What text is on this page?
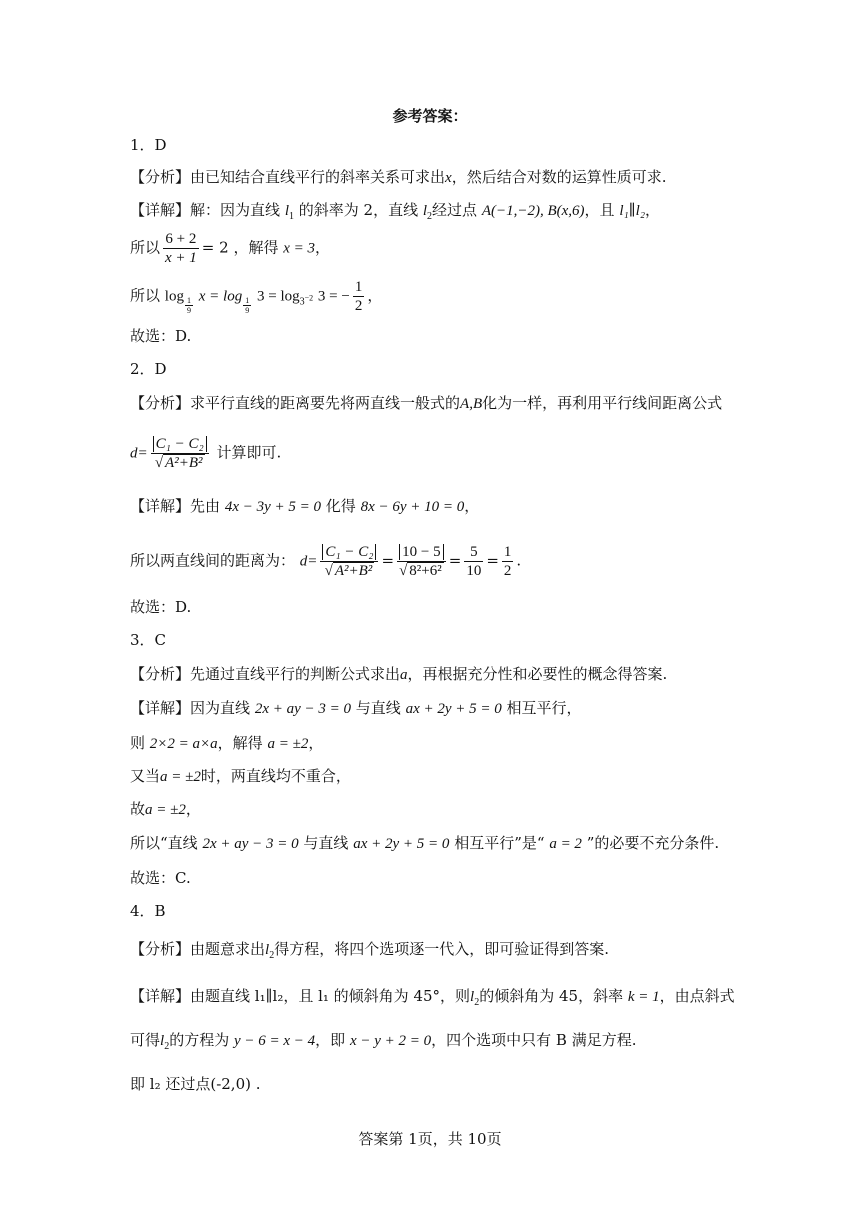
参考答案：
1．D
【分析】由已知结合直线平行的斜率关系可求出x，然后结合对数的运算性质可求.
【详解】解：因为直线 $l_1$ 的斜率为 2，直线 $l_2$经过点 A(−1,−2), B(x,6)，且 l₁∥l₂，
所以 $\frac{6 + 2}{x + 1} = 2$ ，解得 x = 3，
所以 $\log \frac{1}{9}$ $x = \log \frac{1}{9} 3 = \log_3-2$ 3 = − $\frac{1}{2}$ ，
故选：D.
2．D
【分析】求平行直线的距离要先将两直线一般式的A,B化为一样，再利用平行线间距离公式
$d= \frac{\text{C₁ − C₂}}{\text{√ A²+B²}}$ 计算即可.
【详解】先由 4x − 3y + 5 = 0 化得 8x − 6y + 10 = 0，
所以两直线间的距离为： $d= \frac{\text{C₁ − C₂}}{\text{√ A²+B²}} = \frac{10 - 5}{\text{√ 8²+6²}} = \frac{5}{10} = \frac{1}{2}$ .
故选：D.
3．C
【分析】先通过直线平行的判断公式求出a，再根据充分性和必要性的概念得答案.
【详解】因为直线 2x + ay − 3 = 0 与直线 ax + 2y + 5 = 0 相互平行，
则 2×2 = a×a，解得 a = ±2，
又当a = ±2时，两直线均不重合，
故a = ±2，
所以“直线 2x + ay − 3 = 0 与直线 ax + 2y + 5 = 0 相互平行”是“ a = 2 ”的必要不充分条件.
故选：C.
4．B
【分析】由题意求出$l_2$得方程，将四个选项逐一代入，即可验证得到答案.
【详解】由题直线 l₁∥l₂，且 l₁ 的倾斜角为 45°，则$l_2$的倾斜角为 45，斜率 k = 1，由点斜式
可得$l_2$的方程为 y − 6 = x − 4，即 x − y + 2 = 0，四个选项中只有 B 满足方程.
即 l₂ 还过点(-2,0) .
答案第 1页，共 10页
